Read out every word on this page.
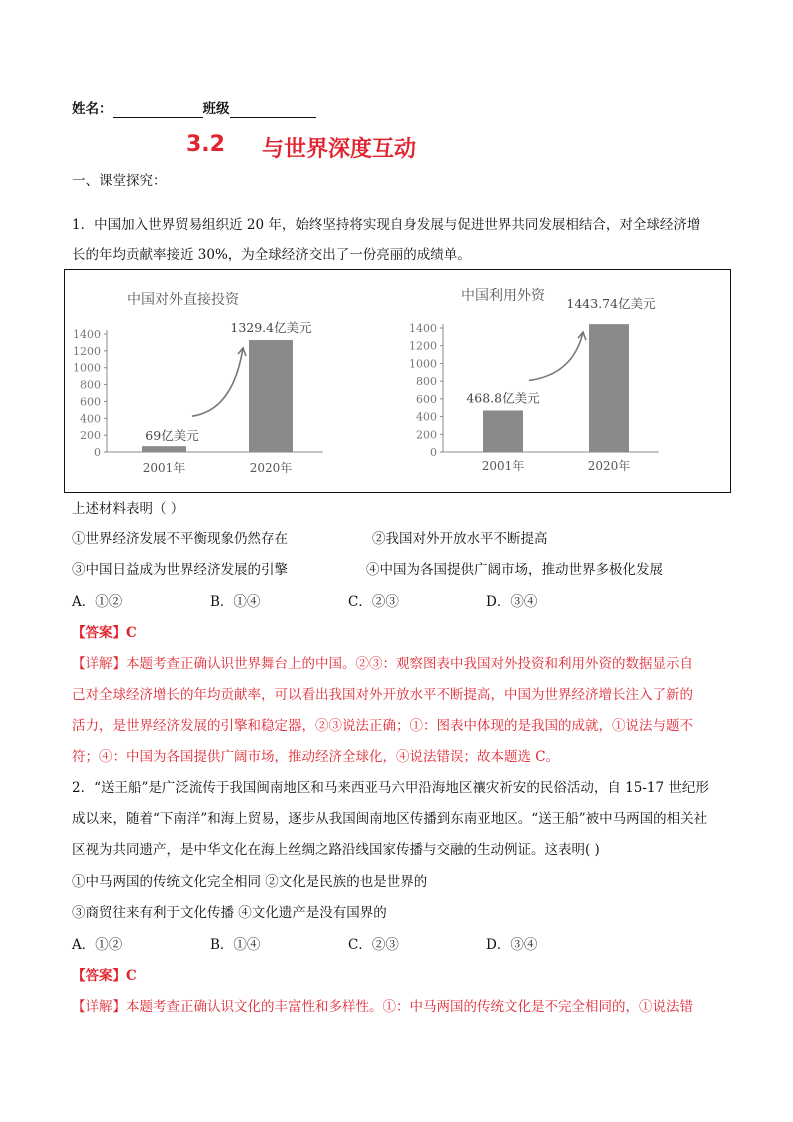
姓名：	班级
3.2 与世界深度互动
一、课堂探究：
1．中国加入世界贸易组织近 20 年，始终坚持将实现自身发展与促进世界共同发展相结合，对全球经济增
长的年均贡献率接近 30%，为全球经济交出了一份亮丽的成绩单。
中国对外直接投资
0
200
400
600
800
1000
1200
1400
2001年
69亿美元
2020年
1329.4亿美元
中国利用外资
0
200
400
600
800
1000
1200
1400
2001年
468.8亿美元
2020年
1443.74亿美元
上述材料表明（ ）
①世界经济发展不平衡现象仍然存在	②我国对外开放水平不断提高
③中国日益成为世界经济发展的引擎	④中国为各国提供广阔市场，推动世界多极化发展
A．①②	B．①④	C．②③	D．③④
【答案】C
【详解】本题考查正确认识世界舞台上的中国。②③：观察图表中我国对外投资和利用外资的数据显示自
己对全球经济增长的年均贡献率，可以看出我国对外开放水平不断提高，中国为世界经济增长注入了新的
活力，是世界经济发展的引擎和稳定器，②③说法正确；①：图表中体现的是我国的成就，①说法与题不
符；④：中国为各国提供广阔市场，推动经济全球化，④说法错误；故本题选 C。
2．“送王船”是广泛流传于我国闽南地区和马来西亚马六甲沿海地区禳灾祈安的民俗活动，自 15-17 世纪形
成以来，随着“下南洋”和海上贸易，逐步从我国闽南地区传播到东南亚地区。“送王船”被中马两国的相关社
区视为共同遗产，是中华文化在海上丝绸之路沿线国家传播与交融的生动例证。这表明( )
①中马两国的传统文化完全相同 ②文化是民族的也是世界的
③商贸往来有利于文化传播 ④文化遗产是没有国界的
A．①②	B．①④	C．②③	D．③④
【答案】C
【详解】本题考查正确认识文化的丰富性和多样性。①：中马两国的传统文化是不完全相同的，①说法错
